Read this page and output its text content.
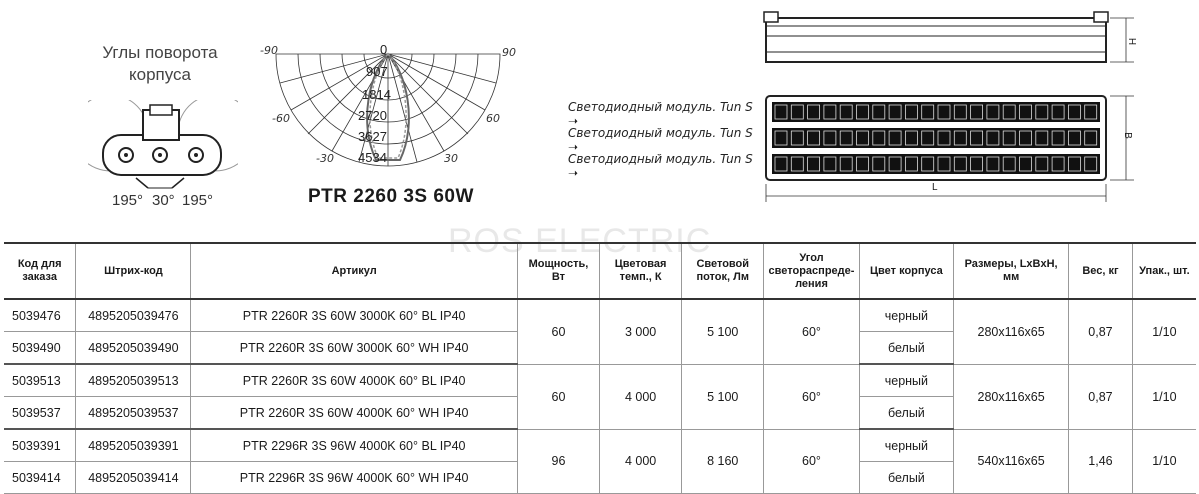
Углы поворота
корпуса
195° 30° 195°
-90	90
-60	60
-30	30
0
907
1814
2720
3627
4534
PTR 2260 3S 60W
ROS ELECTRIC
H
B
L
Светодиодный модуль. Tun S ➝
Светодиодный модуль. Tun S ➝
Светодиодный модуль. Tun S ➝
Код для заказа	Штрих-код	Артикул	Мощность, Вт	Цветовая темп., К	Световой поток, Лм	Угол светораспреде-ления	Цвет корпуса	Размеры, LxBxH, мм	Вес, кг	Упак., шт.
5039476	4895205039476	PTR 2260R 3S 60W 3000K 60° BL IP40	60	3 000	5 100	60°	черный	280x116x65	0,87	1/10
5039490	4895205039490	PTR 2260R 3S 60W 3000K 60° WH IP40					белый			
5039513	4895205039513	PTR 2260R 3S 60W 4000K 60° BL IP40	60	4 000	5 100	60°	черный	280x116x65	0,87	1/10
5039537	4895205039537	PTR 2260R 3S 60W 4000K 60° WH IP40					белый			
5039391	4895205039391	PTR 2296R 3S 96W 4000K 60° BL IP40	96	4 000	8 160	60°	черный	540x116x65	1,46	1/10
5039414	4895205039414	PTR 2296R 3S 96W 4000K 60° WH IP40					белый			
